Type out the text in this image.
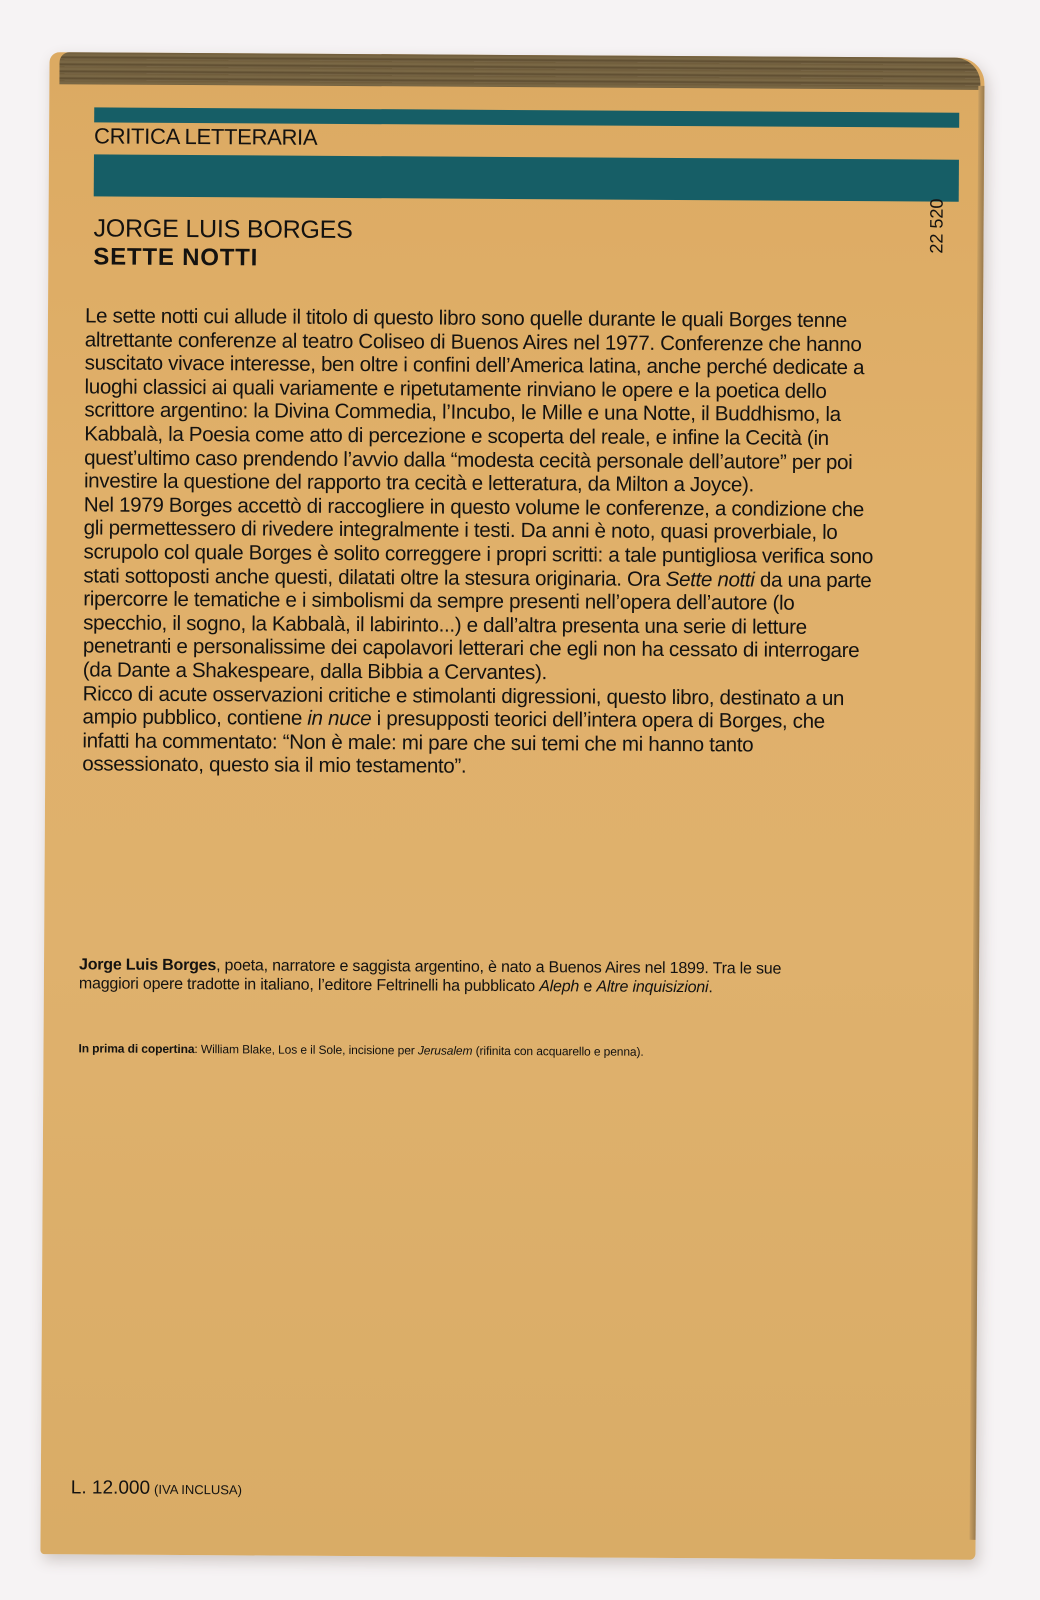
CRITICA LETTERARIA
JORGE LUIS BORGES
SETTE NOTTI
22 520

Le sette notti cui allude il titolo di questo libro sono quelle durante le quali Borges tenne altrettante conferenze al teatro Coliseo di Buenos Aires nel 1977. Conferenze che hanno suscitato vivace interesse, ben oltre i confini dell’America latina, anche perché dedicate a luoghi classici ai quali variamente e ripetutamente rinviano le opere e la poetica dello scrittore argentino: la Divina Commedia, l’Incubo, le Mille e una Notte, il Buddhismo, la Kabbalà, la Poesia come atto di percezione e scoperta del reale, e infine la Cecità (in quest’ultimo caso prendendo l’avvio dalla “modesta cecità personale dell’autore” per poi investire la questione del rapporto tra cecità e letteratura, da Milton a Joyce).

Nel 1979 Borges accettò di raccogliere in questo volume le conferenze, a condizione che gli permettessero di rivedere integralmente i testi. Da anni è noto, quasi proverbiale, lo scrupolo col quale Borges è solito correggere i propri scritti: a tale puntigliosa verifica sono stati sottoposti anche questi, dilatati oltre la stesura originaria. Ora Sette notti da una parte ripercorre le tematiche e i simbolismi da sempre presenti nell’opera dell’autore (lo specchio, il sogno, la Kabbalà, il labirinto...) e dall’altra presenta una serie di letture penetranti e personalissime dei capolavori letterari che egli non ha cessato di interrogare (da Dante a Shakespeare, dalla Bibbia a Cervantes).

Ricco di acute osservazioni critiche e stimolanti digressioni, questo libro, destinato a un ampio pubblico, contiene in nuce i presupposti teorici dell’intera opera di Borges, che infatti ha commentato: “Non è male: mi pare che sui temi che mi hanno tanto ossessionato, questo sia il mio testamento”.

Jorge Luis Borges, poeta, narratore e saggista argentino, è nato a Buenos Aires nel 1899. Tra le sue maggiori opere tradotte in italiano, l’editore Feltrinelli ha pubblicato Aleph e Altre inquisizioni.
In prima di copertina: William Blake, Los e il Sole, incisione per Jerusalem (rifinita con acquarello e penna).
L. 12.000 (IVA INCLUSA)
